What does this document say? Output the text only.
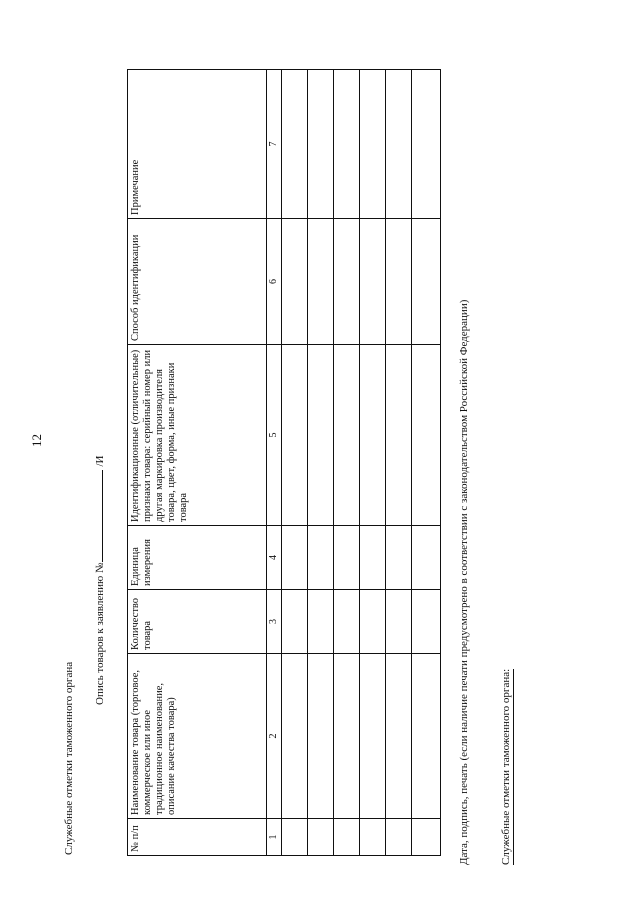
12
Служебные отметки таможенного органа
Опись товаров к заявлению №/И
№ п/п	Наименование товара (торговое, коммерческое или иное традиционное наименование, описание качества товара)	Количество товара	Единица измерения	Идентификационные (отличительные) признаки товара: серийный номер или другая маркировка производителя товара, цвет, форма, иные признаки товара	Способ идентификации	Примечание
1	2	3	4	5	6	7

Дата, подпись, печать (если наличие печати предусмотрено в соответствии с законодательством Российской Федерации)	Служебные отметки таможенного органа:
